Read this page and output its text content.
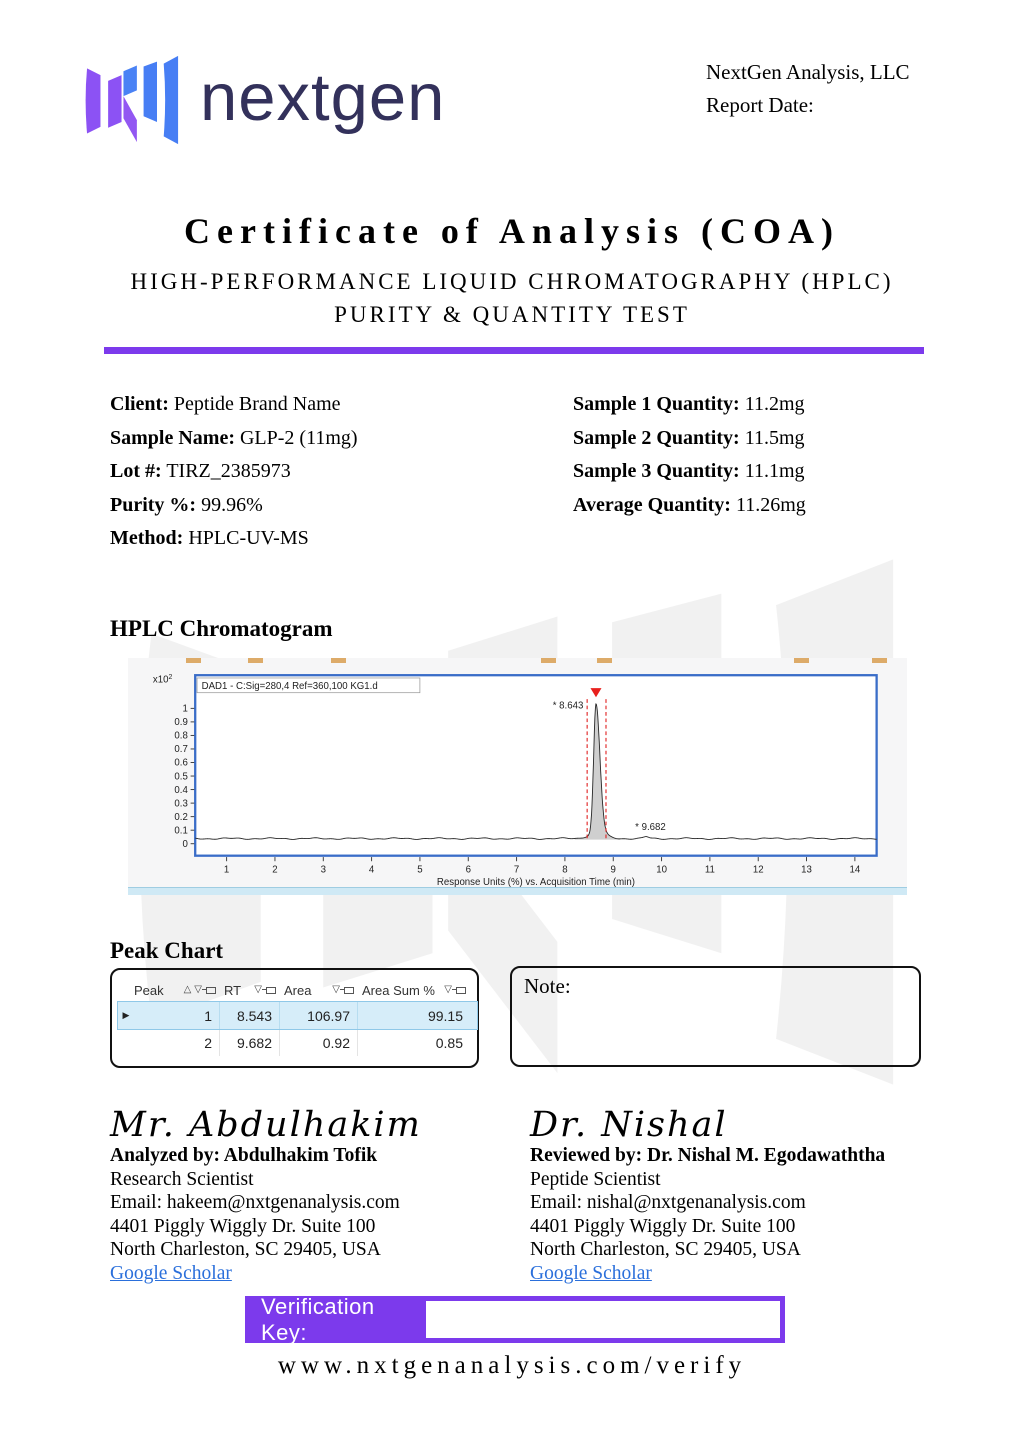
nextgen	NextGen Analysis, LLC
Report Date:
Certificate of Analysis (COA)
HIGH-PERFORMANCE LIQUID CHROMATOGRAPHY (HPLC)
PURITY & QUANTITY TEST
Client: Peptide Brand Name
Sample Name: GLP-2 (11mg)
Lot #: TIRZ_2385973
Purity %: 99.96%
Method: HPLC-UV-MS
Sample 1 Quantity: 11.2mg
Sample 2 Quantity: 11.5mg
Sample 3 Quantity: 11.1mg
Average Quantity: 11.26mg
HPLC Chromatogram
* 8.643
* 9.682
DAD1 - C:Sig=280,4 Ref=360,100 KG1.d
$x10^2$
0
0.1
0.2
0.3
0.4
0.5
0.6
0.7
0.8
0.9
1
1	2	3	4	5	6	7	8	9	10	11	12	13	14
Response Units (%) vs. Acquisition Time (min)
Peak Chart
Peak △ ▽ RT ▽ Area ▽ Area Sum % ▽
▶	1	8.543	106.97	99.15
2	9.682	0.92	0.85
Note:
Mr. Abdulhakim
Analyzed by: Abdulhakim Tofik
Research Scientist
Email: hakeem@nxtgenanalysis.com
4401 Piggly Wiggly Dr. Suite 100
North Charleston, SC 29405, USA
Google Scholar
Dr. Nishal
Reviewed by: Dr. Nishal M. Egodawaththa
Peptide Scientist
Email: nishal@nxtgenanalysis.com
4401 Piggly Wiggly Dr. Suite 100
North Charleston, SC 29405, USA
Google Scholar
Verification Key:
www.nxtgenanalysis.com/verify
